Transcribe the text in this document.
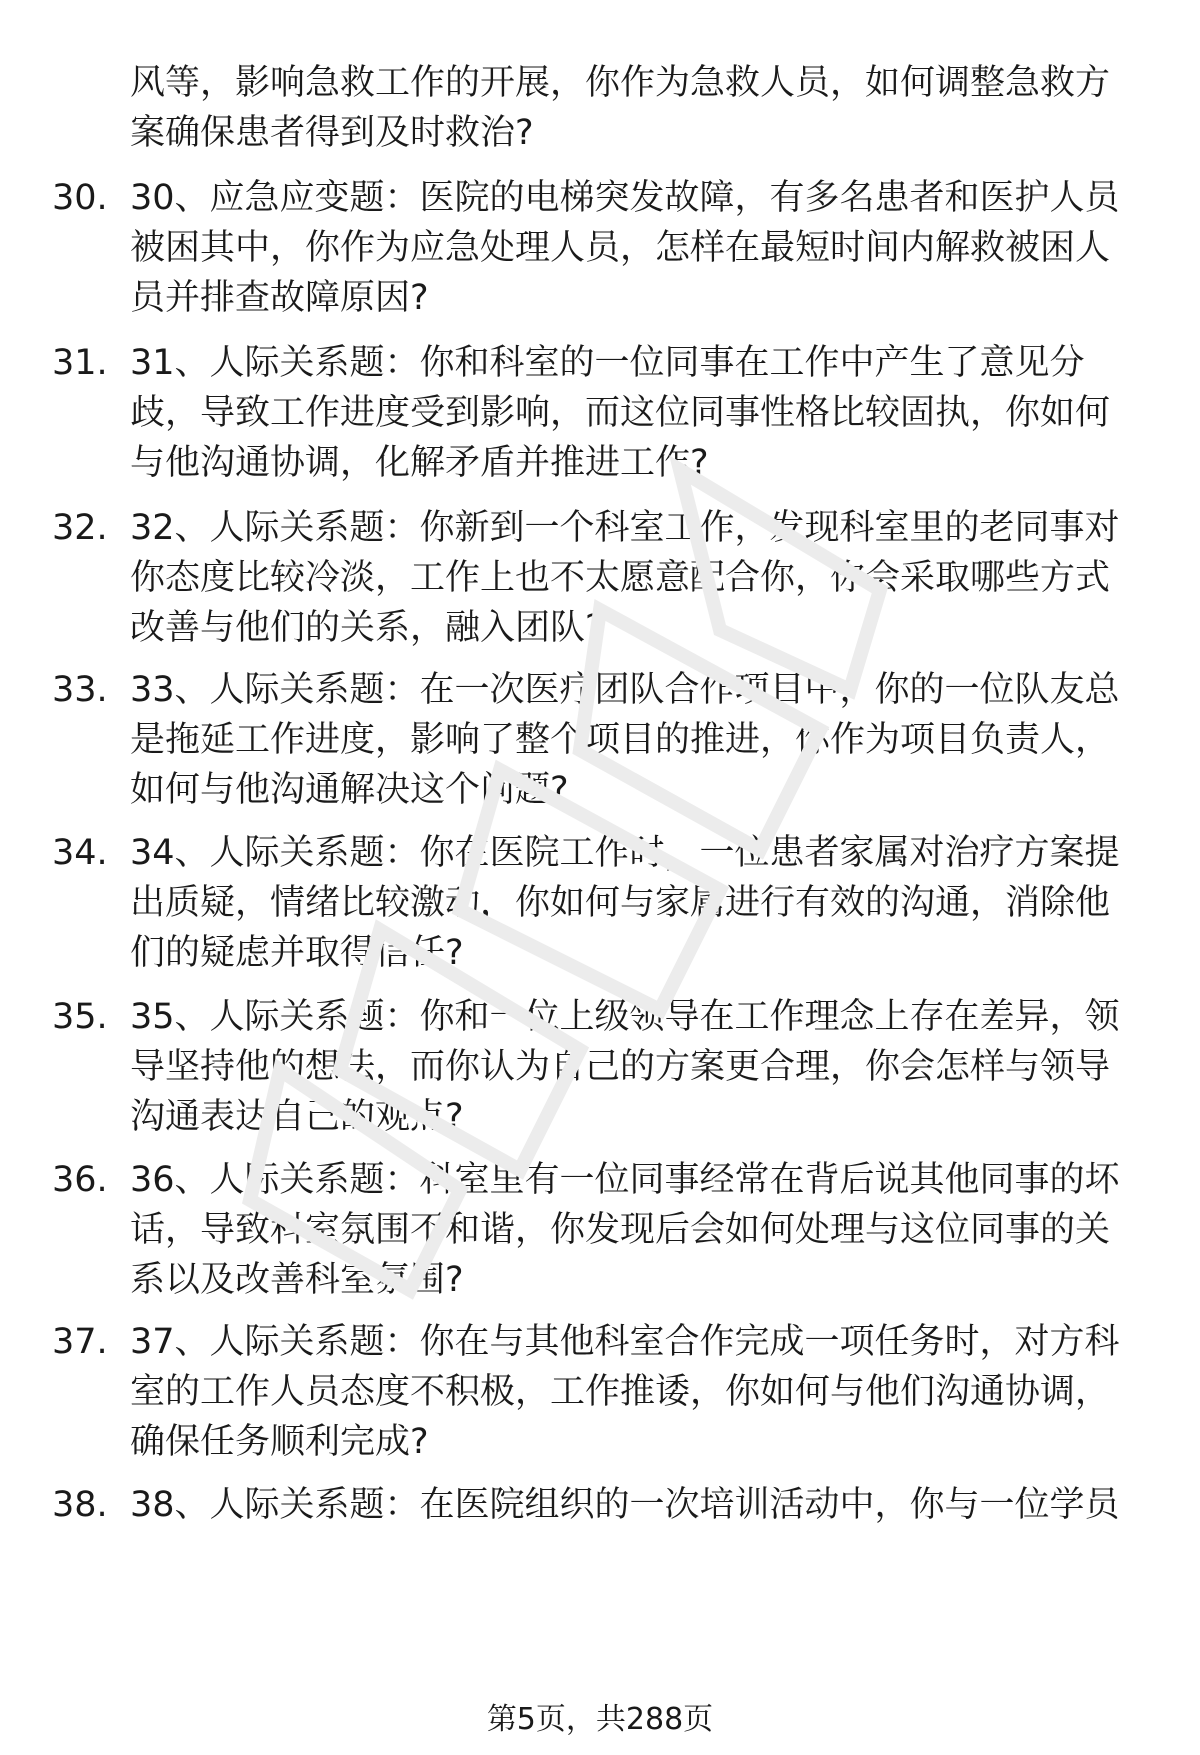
风等，影响急救工作的开展，你作为急救人员，如何调整急救方案确保患者得到及时救治?

30. 30、应急应变题：医院的电梯突发故障，有多名患者和医护人员被困其中，你作为应急处理人员，怎样在最短时间内解救被困人员并排查故障原因?

31. 31、人际关系题：你和科室的一位同事在工作中产生了意见分歧，导致工作进度受到影响，而这位同事性格比较固执，你如何与他沟通协调，化解矛盾并推进工作?

32. 32、人际关系题：你新到一个科室工作，发现科室里的老同事对你态度比较冷淡，工作上也不太愿意配合你，你会采取哪些方式改善与他们的关系，融入团队?

33. 33、人际关系题：在一次医疗团队合作项目中，你的一位队友总是拖延工作进度，影响了整个项目的推进，你作为项目负责人，如何与他沟通解决这个问题?

34. 34、人际关系题：你在医院工作时，一位患者家属对治疗方案提出质疑，情绪比较激动，你如何与家属进行有效的沟通，消除他们的疑虑并取得信任?

35. 35、人际关系题：你和一位上级领导在工作理念上存在差异，领导坚持他的想法，而你认为自己的方案更合理，你会怎样与领导沟通表达自己的观点?

36. 36、人际关系题：科室里有一位同事经常在背后说其他同事的坏话，导致科室氛围不和谐，你发现后会如何处理与这位同事的关系以及改善科室氛围?

37. 37、人际关系题：你在与其他科室合作完成一项任务时，对方科室的工作人员态度不积极，工作推诿，你如何与他们沟通协调，确保任务顺利完成?

38. 38、人际关系题：在医院组织的一次培训活动中，你与一位学员

第5页，共288页
